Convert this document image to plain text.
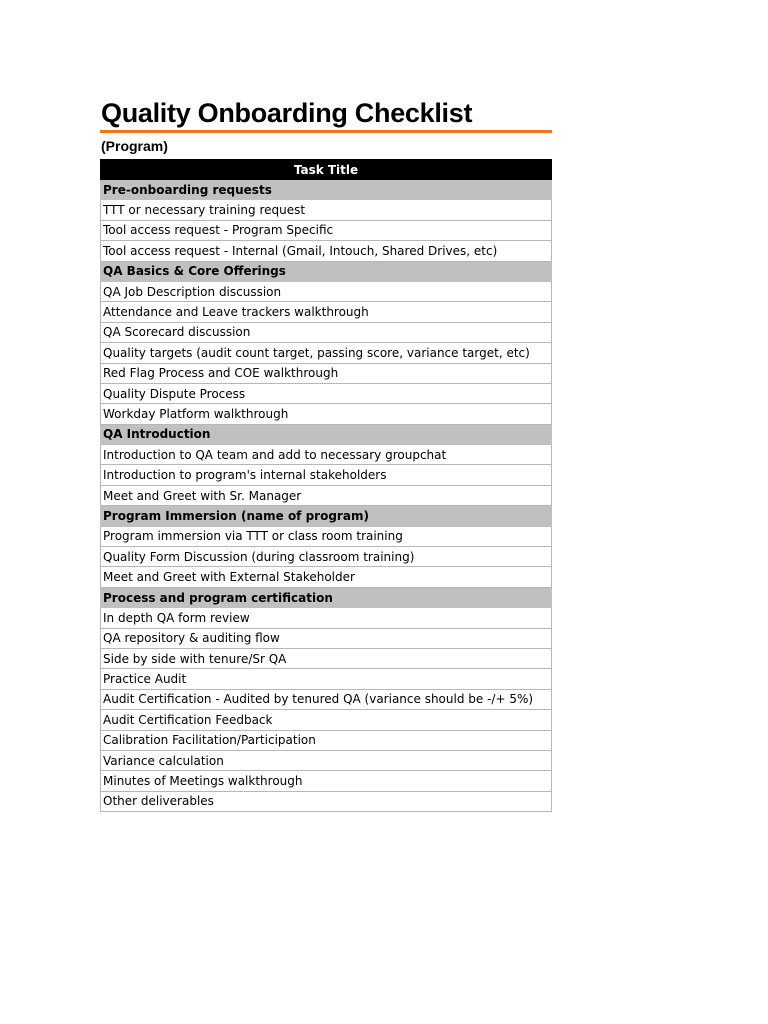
Quality Onboarding Checklist
(Program)
Task Title
Pre-onboarding requests
TTT or necessary training request
Tool access request - Program Specific
Tool access request - Internal (Gmail, Intouch, Shared Drives, etc)
QA Basics & Core Offerings
QA Job Description discussion
Attendance and Leave trackers walkthrough
QA Scorecard discussion
Quality targets (audit count target, passing score, variance target, etc)
Red Flag Process and COE walkthrough
Quality Dispute Process
Workday Platform walkthrough
QA Introduction
Introduction to QA team and add to necessary groupchat
Introduction to program's internal stakeholders
Meet and Greet with Sr. Manager
Program Immersion (name of program)
Program immersion via TTT or class room training
Quality Form Discussion (during classroom training)
Meet and Greet with External Stakeholder
Process and program certification
In depth QA form review
QA repository & auditing flow
Side by side with tenure/Sr QA
Practice Audit
Audit Certification - Audited by tenured QA (variance should be -/+ 5%)
Audit Certification Feedback
Calibration Facilitation/Participation
Variance calculation
Minutes of Meetings walkthrough
Other deliverables
